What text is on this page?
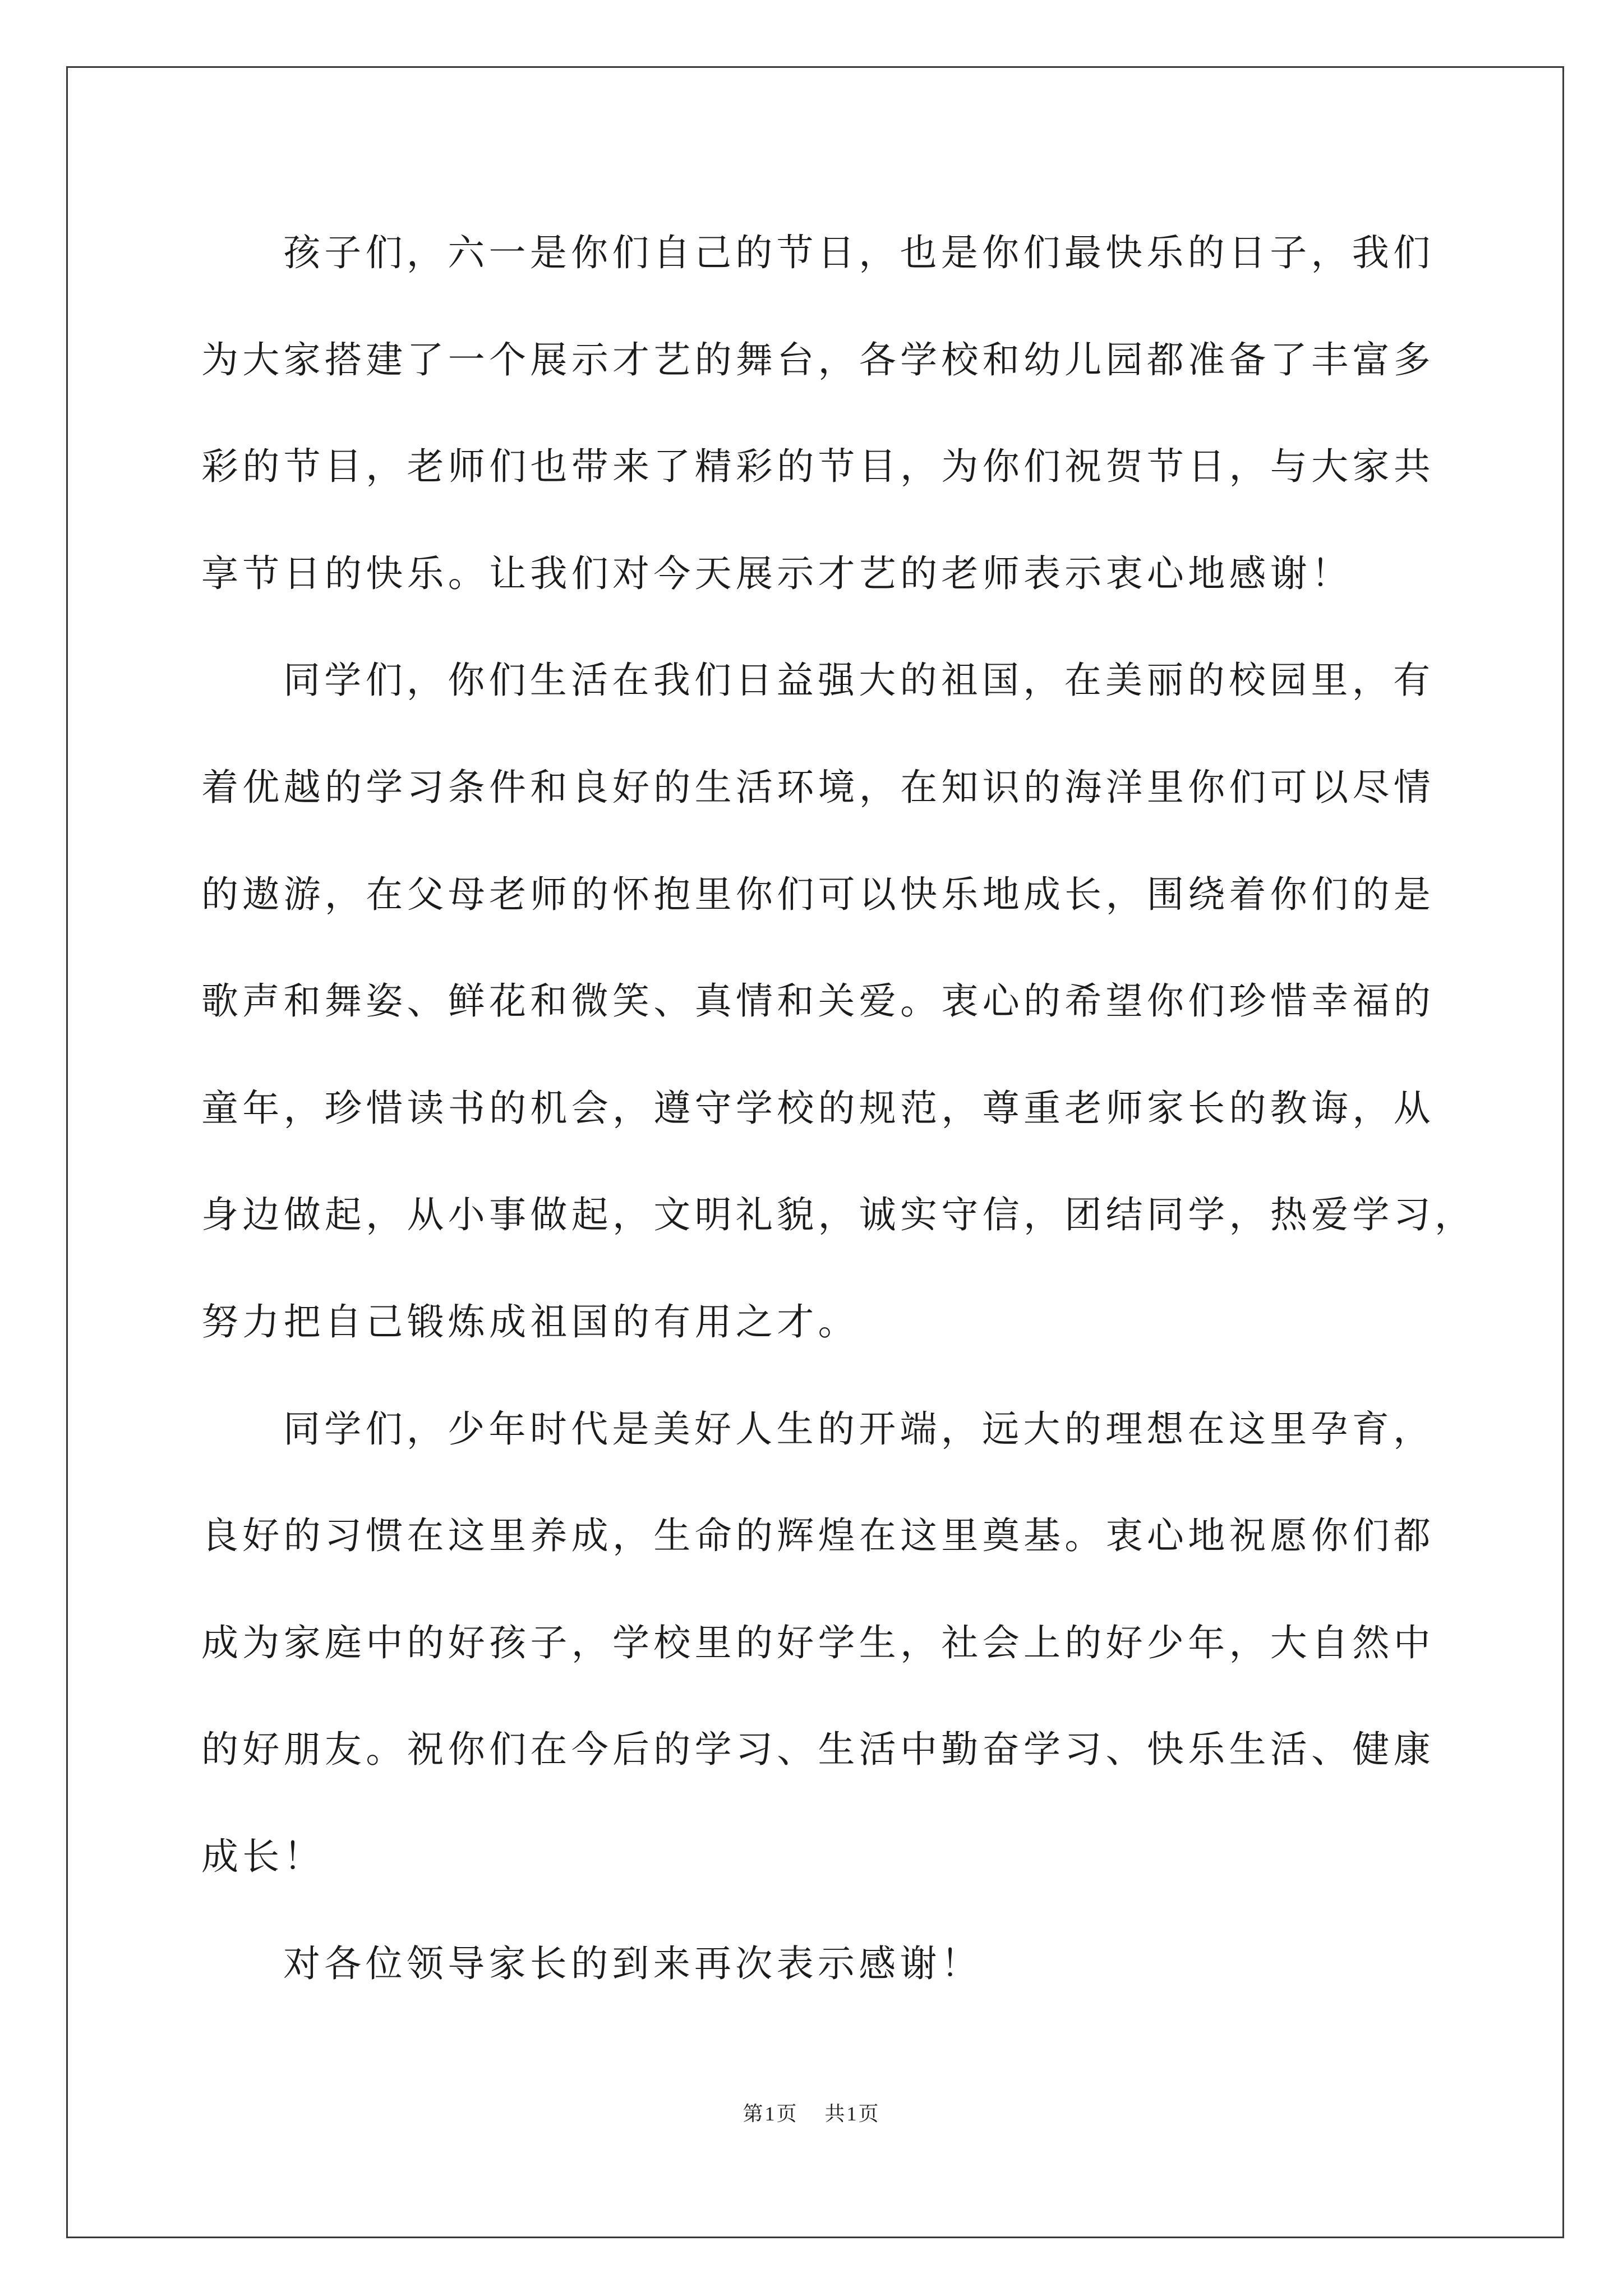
孩子们，六一是你们自己的节日，也是你们最快乐的日子，我们
为大家搭建了一个展示才艺的舞台，各学校和幼儿园都准备了丰富多
彩的节目，老师们也带来了精彩的节目，为你们祝贺节日，与大家共
享节日的快乐。让我们对今天展示才艺的老师表示衷心地感谢！
同学们，你们生活在我们日益强大的祖国，在美丽的校园里，有
着优越的学习条件和良好的生活环境，在知识的海洋里你们可以尽情
的遨游，在父母老师的怀抱里你们可以快乐地成长，围绕着你们的是
歌声和舞姿、鲜花和微笑、真情和关爱。衷心的希望你们珍惜幸福的
童年，珍惜读书的机会，遵守学校的规范，尊重老师家长的教诲，从
身边做起，从小事做起，文明礼貌，诚实守信，团结同学，热爱学习，
努力把自己锻炼成祖国的有用之才。
同学们，少年时代是美好人生的开端，远大的理想在这里孕育，
良好的习惯在这里养成，生命的辉煌在这里奠基。衷心地祝愿你们都
成为家庭中的好孩子，学校里的好学生，社会上的好少年，大自然中
的好朋友。祝你们在今后的学习、生活中勤奋学习、快乐生活、健康
成长！
对各位领导家长的到来再次表示感谢！
第1页 共1页
